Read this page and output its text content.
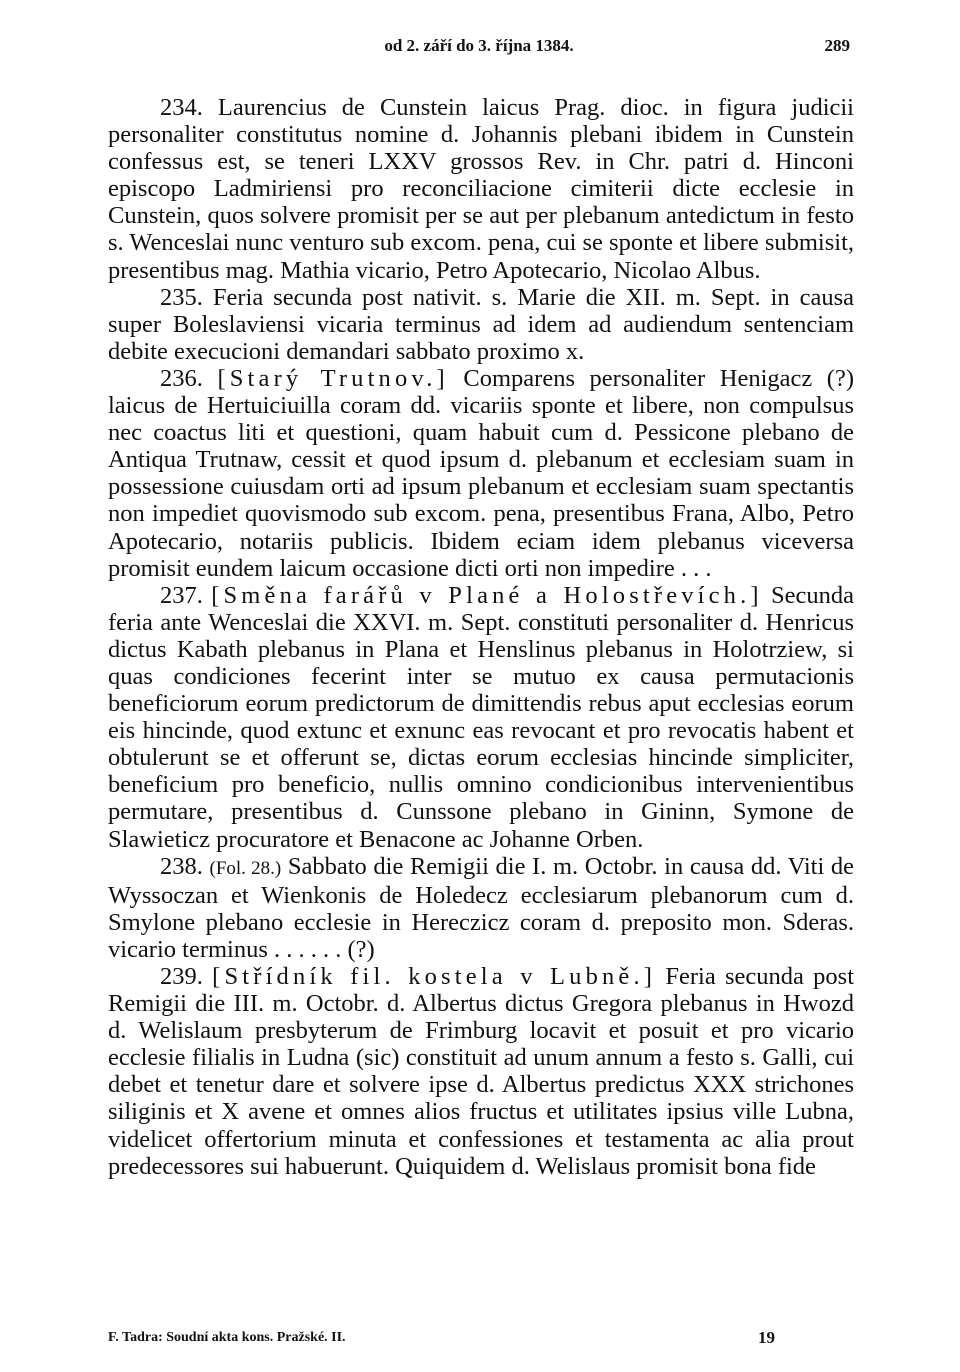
od 2. září do 3. října 1384.	289

234. Laurencius de Cunstein laicus Prag. dioc. in figura judicii personaliter constitutus nomine d. Johannis plebani ibidem in Cunstein confessus est, se teneri LXXV grossos Rev. in Chr. patri d. Hinconi episcopo Ladmiriensi pro reconciliacione cimiterii dicte ecclesie in Cunstein, quos solvere promisit per se aut per plebanum antedictum in festo s. Wenceslai nunc venturo sub excom. pena, cui se sponte et libere submisit, presentibus mag. Mathia vicario, Petro Apotecario, Nicolao Albus.

235. Feria secunda post nativit. s. Marie die XII. m. Sept. in causa super Boleslaviensi vicaria terminus ad idem ad audiendum sentenciam debite execucioni demandari sabbato proximo x.

236. [Starý Trutnov.] Comparens personaliter Henigacz (?) laicus de Hertuiciuilla coram dd. vicariis sponte et libere, non compulsus nec coactus liti et questioni, quam habuit cum d. Pessicone plebano de Antiqua Trutnaw, cessit et quod ipsum d. plebanum et ecclesiam suam in possessione cuiusdam orti ad ipsum plebanum et ecclesiam suam spectantis non impediet quovismodo sub excom. pena, presentibus Frana, Albo, Petro Apotecario, notariis publicis. Ibidem eciam idem plebanus viceversa promisit eundem laicum occasione dicti orti non impedire . . .

237. [Směna farářů v Plané a Holostřevích.] Secunda feria ante Wenceslai die XXVI. m. Sept. constituti personaliter d. Henricus dictus Kabath plebanus in Plana et Henslinus plebanus in Holotrziew, si quas condiciones fecerint inter se mutuo ex causa permutacionis beneficiorum eorum predictorum de dimittendis rebus aput ecclesias eorum eis hincinde, quod extunc et exnunc eas revocant et pro revocatis habent et obtulerunt se et offerunt se, dictas eorum ecclesias hincinde simpliciter, beneficium pro beneficio, nullis omnino condicionibus intervenientibus permutare, presentibus d. Cunssone plebano in Gininn, Symone de Slawieticz procuratore et Benacone ac Johanne Orben.

238. (Fol. 28.) Sabbato die Remigii die I. m. Octobr. in causa dd. Viti de Wyssoczan et Wienkonis de Holedecz ecclesiarum plebanorum cum d. Smylone plebano ecclesie in Hereczicz coram d. preposito mon. Sderas. vicario terminus . . . . . . (?)

239. [Střídník fil. kostela v Lubně.] Feria secunda post Remigii die III. m. Octobr. d. Albertus dictus Gregora plebanus in Hwozd d. Welislaum presbyterum de Frimburg locavit et posuit et pro vicario ecclesie filialis in Ludna (sic) constituit ad unum annum a festo s. Galli, cui debet et tenetur dare et solvere ipse d. Albertus predictus XXX strichones siliginis et X avene et omnes alios fructus et utilitates ipsius ville Lubna, videlicet offertorium minuta et confessiones et testamenta ac alia prout predecessores sui habuerunt. Quiquidem d. Welislaus promisit bona fide

F. Tadra: Soudní akta kons. Pražské. II.	19
